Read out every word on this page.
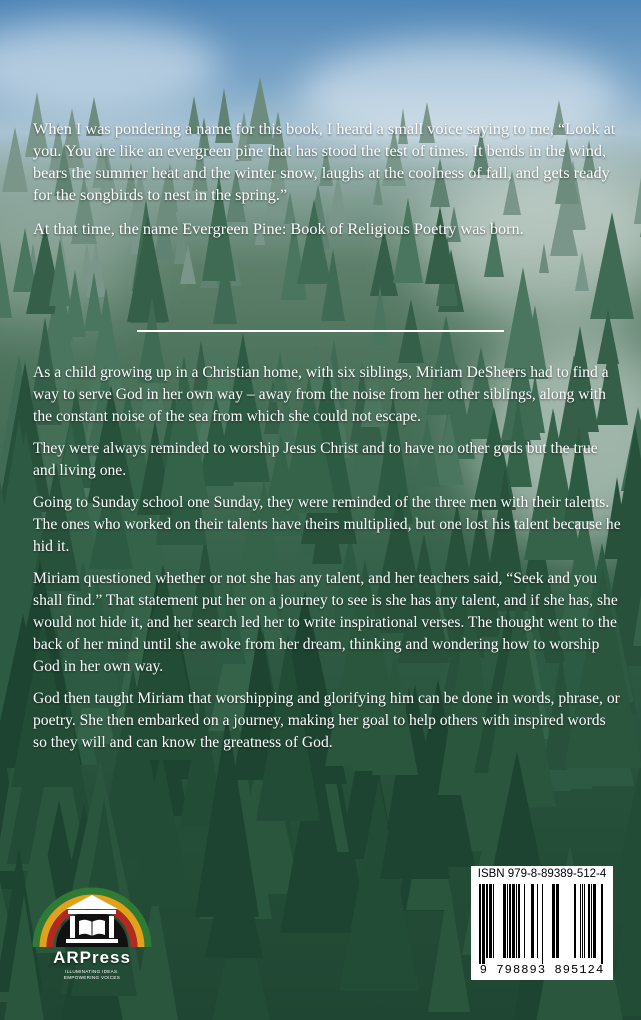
When I was pondering a name for this book, I heard a small voice saying to me, “Look at you. You are like an evergreen pine that has stood the test of times. It bends in the wind, bears the summer heat and the winter snow, laughs at the coolness of fall, and gets ready for the songbirds to nest in the spring.”

At that time, the name Evergreen Pine: Book of Religious Poetry was born.

As a child growing up in a Christian home, with six siblings, Miriam DeSheers had to find a way to serve God in her own way – away from the noise from her other siblings, along with the constant noise of the sea from which she could not escape.

They were always reminded to worship Jesus Christ and to have no other gods but the true and living one.

Going to Sunday school one Sunday, they were reminded of the three men with their talents. The ones who worked on their talents have theirs multiplied, but one lost his talent because he hid it.

Miriam questioned whether or not she has any talent, and her teachers said, “Seek and you shall find.” That statement put her on a journey to see is she has any talent, and if she has, she would not hide it, and her search led her to write inspirational verses. The thought went to the back of her mind until she awoke from her dream, thinking and wondering how to worship God in her own way.

God then taught Miriam that worshipping and glorifying him can be done in words, phrase, or poetry. She then embarked on a journey, making her goal to help others with inspired words so they will and can know the greatness of God.

ARPress
ILLUMINATING IDEAS.
EMPOWERING VOICES
ISBN 979-8-89389-512-4
9 798893 895124
